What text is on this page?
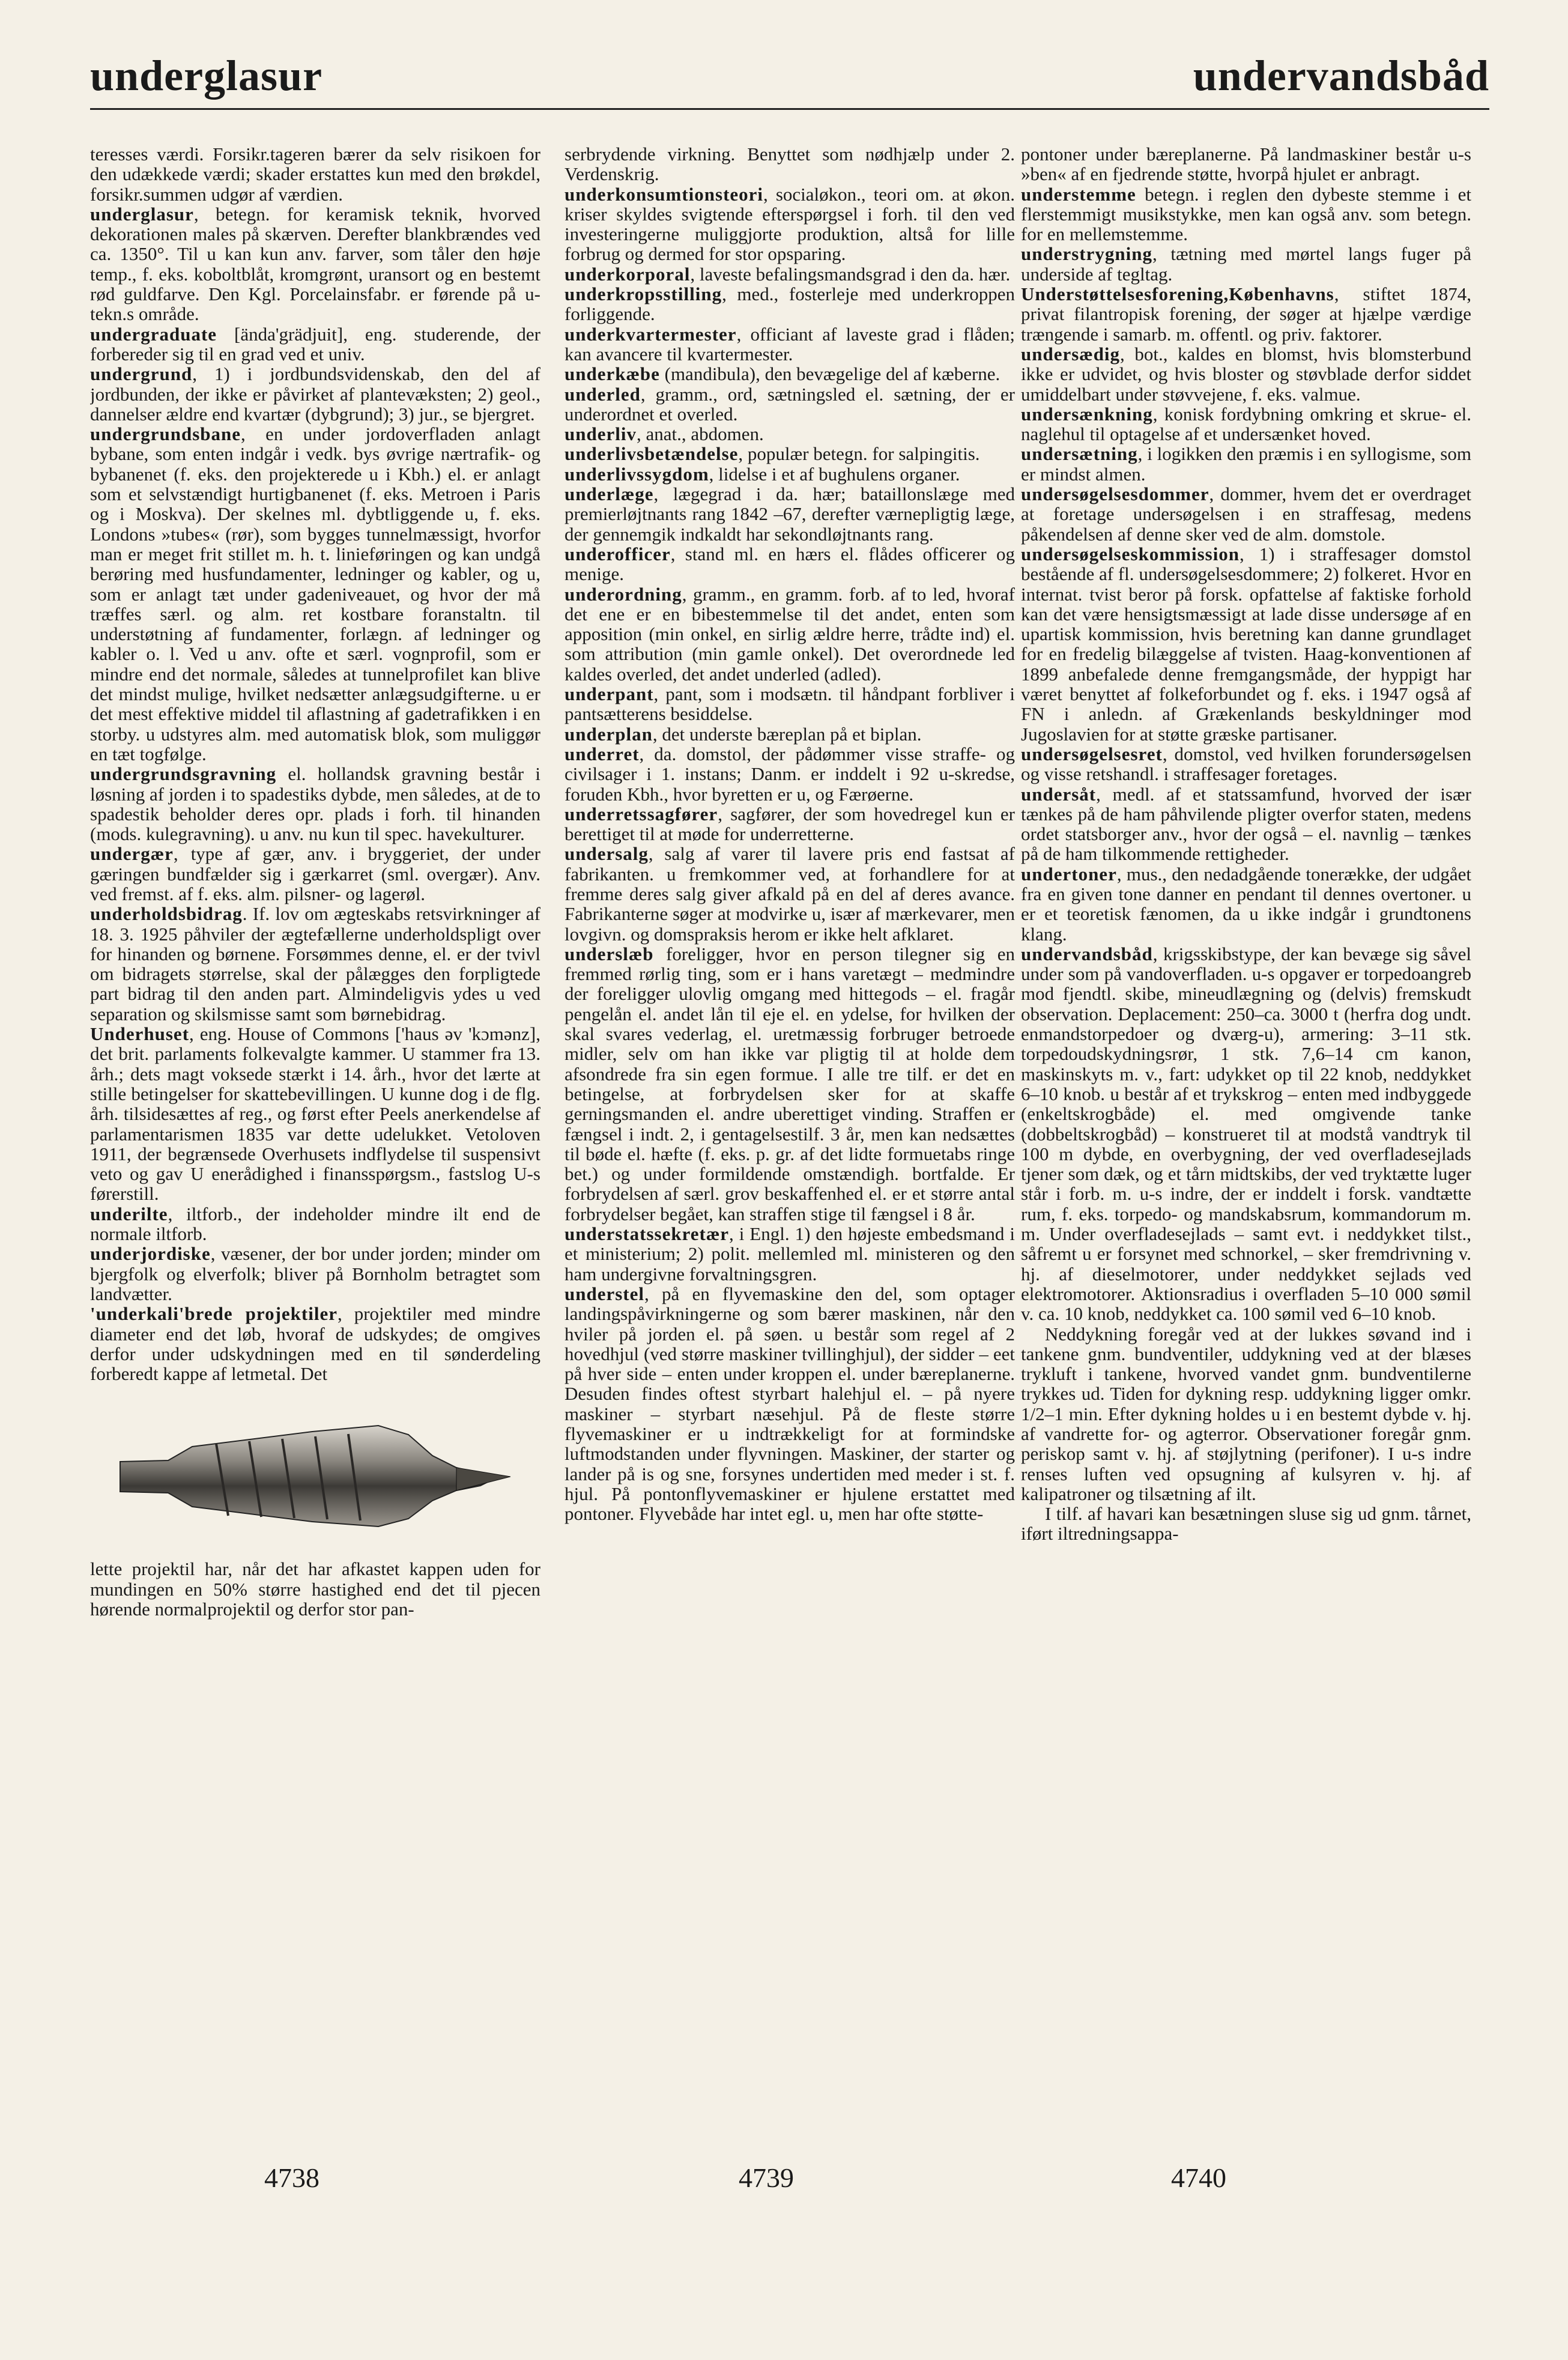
underglasur	undervandsbåd

teresses værdi. Forsikr.tageren bærer da selv risikoen for den udækkede værdi; skader erstattes kun med den brøkdel, forsikr.summen udgør af værdien.

underglasur, betegn. for keramisk teknik, hvorved dekorationen males på skærven. Derefter blankbrændes ved ca. 1350°. Til u kan kun anv. farver, som tåler den høje temp., f. eks. koboltblåt, kromgrønt, uransort og en bestemt rød guldfarve. Den Kgl. Porcelainsfabr. er førende på u-tekn.s område.

undergraduate [ända'grädjuit], eng. studerende, der forbereder sig til en grad ved et univ.

undergrund, 1) i jordbundsvidenskab, den del af jordbunden, der ikke er påvirket af plantevæksten; 2) geol., dannelser ældre end kvartær (dybgrund); 3) jur., se bjergret.

undergrundsbane, en under jordoverfladen anlagt bybane, som enten indgår i vedk. bys øvrige nærtrafik- og bybanenet (f. eks. den projekterede u i Kbh.) el. er anlagt som et selvstændigt hurtigbanenet (f. eks. Metroen i Paris og i Moskva). Der skelnes ml. dybtliggende u, f. eks. Londons »tubes« (rør), som bygges tunnelmæssigt, hvorfor man er meget frit stillet m. h. t. linieføringen og kan undgå berøring med husfundamenter, ledninger og kabler, og u, som er anlagt tæt under gadeniveauet, og hvor der må træffes særl. og alm. ret kostbare foranstaltn. til understøtning af fundamenter, forlægn. af ledninger og kabler o. l. Ved u anv. ofte et særl. vognprofil, som er mindre end det normale, således at tunnelprofilet kan blive det mindst mulige, hvilket nedsætter anlægsudgifterne. u er det mest effektive middel til aflastning af gadetrafikken i en storby. u udstyres alm. med automatisk blok, som muliggør en tæt togfølge.

undergrundsgravning el. hollandsk gravning består i løsning af jorden i to spadestiks dybde, men således, at de to spadestik beholder deres opr. plads i forh. til hinanden (mods. kulegravning). u anv. nu kun til spec. havekulturer.

undergær, type af gær, anv. i bryggeriet, der under gæringen bundfælder sig i gærkarret (sml. overgær). Anv. ved fremst. af f. eks. alm. pilsner- og lagerøl.

underholdsbidrag. If. lov om ægteskabs retsvirkninger af 18. 3. 1925 påhviler der ægtefællerne underholdspligt over for hinanden og børnene. Forsømmes denne, el. er der tvivl om bidragets størrelse, skal der pålægges den forpligtede part bidrag til den anden part. Almindeligvis ydes u ved separation og skilsmisse samt som børnebidrag.

Underhuset, eng. House of Commons ['haus əv 'kɔmənz], det brit. parlaments folkevalgte kammer. U stammer fra 13. årh.; dets magt voksede stærkt i 14. årh., hvor det lærte at stille betingelser for skattebevillingen. U kunne dog i de flg. årh. tilsidesættes af reg., og først efter Peels anerkendelse af parlamentarismen 1835 var dette udelukket. Vetoloven 1911, der begrænsede Overhusets indflydelse til suspensivt veto og gav U enerådighed i finansspørgsm., fastslog U-s førerstill.

underilte, iltforb., der indeholder mindre ilt end de normale iltforb.

underjordiske, væsener, der bor under jorden; minder om bjergfolk og elverfolk; bliver på Bornholm betragtet som landvætter.

'underkali'brede projektiler, projektiler med mindre diameter end det løb, hvoraf de udskydes; de omgives derfor under udskydningen med en til sønderdeling forberedt kappe af letmetal. Det

lette projektil har, når det har afkastet kappen uden for mundingen en 50% større hastighed end det til pjecen hørende normalprojektil og derfor stor pan-

serbrydende virkning. Benyttet som nødhjælp under 2. Verdenskrig.

underkonsumtionsteori, socialøkon., teori om. at økon. kriser skyldes svigtende efterspørgsel i forh. til den ved investeringerne muliggjorte produktion, altså for lille forbrug og dermed for stor opsparing.

underkorporal, laveste befalingsmandsgrad i den da. hær.

underkropsstilling, med., fosterleje med underkroppen forliggende.

underkvartermester, officiant af laveste grad i flåden; kan avancere til kvartermester.

underkæbe (mandibula), den bevægelige del af kæberne.

underled, gramm., ord, sætningsled el. sætning, der er underordnet et overled.

underliv, anat., abdomen.

underlivsbetændelse, populær betegn. for salpingitis.

underlivssygdom, lidelse i et af bughulens organer.

underlæge, lægegrad i da. hær; bataillonslæge med premierløjtnants rang 1842 –67, derefter værnepligtig læge, der gennemgik indkaldt har sekondløjtnants rang.

underofficer, stand ml. en hærs el. flådes officerer og menige.

underordning, gramm., en gramm. forb. af to led, hvoraf det ene er en bibestemmelse til det andet, enten som apposition (min onkel, en sirlig ældre herre, trådte ind) el. som attribution (min gamle onkel). Det overordnede led kaldes overled, det andet underled (adled).

underpant, pant, som i modsætn. til håndpant forbliver i pantsætterens besiddelse.

underplan, det underste bæreplan på et biplan.

underret, da. domstol, der pådømmer visse straffe- og civilsager i 1. instans; Danm. er inddelt i 92 u-skredse, foruden Kbh., hvor byretten er u, og Færøerne.

underretssagfører, sagfører, der som hovedregel kun er berettiget til at møde for underretterne.

undersalg, salg af varer til lavere pris end fastsat af fabrikanten. u fremkommer ved, at forhandlere for at fremme deres salg giver afkald på en del af deres avance. Fabrikanterne søger at modvirke u, især af mærkevarer, men lovgivn. og domspraksis herom er ikke helt afklaret.

underslæb foreligger, hvor en person tilegner sig en fremmed rørlig ting, som er i hans varetægt – medmindre der foreligger ulovlig omgang med hittegods – el. fragår pengelån el. andet lån til eje el. en ydelse, for hvilken der skal svares vederlag, el. uretmæssig forbruger betroede midler, selv om han ikke var pligtig til at holde dem afsondrede fra sin egen formue. I alle tre tilf. er det en betingelse, at forbrydelsen sker for at skaffe gerningsmanden el. andre uberettiget vinding. Straffen er fængsel i indt. 2, i gentagelsestilf. 3 år, men kan nedsættes til bøde el. hæfte (f. eks. p. gr. af det lidte formuetabs ringe bet.) og under formildende omstændigh. bortfalde. Er forbrydelsen af særl. grov beskaffenhed el. er et større antal forbrydelser begået, kan straffen stige til fængsel i 8 år.

understatssekretær, i Engl. 1) den højeste embedsmand i et ministerium; 2) polit. mellemled ml. ministeren og den ham undergivne forvaltningsgren.

understel, på en flyvemaskine den del, som optager landingspåvirkningerne og som bærer maskinen, når den hviler på jorden el. på søen. u består som regel af 2 hovedhjul (ved større maskiner tvillinghjul), der sidder – eet på hver side – enten under kroppen el. under bæreplanerne. Desuden findes oftest styrbart halehjul el. – på nyere maskiner – styrbart næsehjul. På de fleste større flyvemaskiner er u indtrækkeligt for at formindske luftmodstanden under flyvningen. Maskiner, der starter og lander på is og sne, forsynes undertiden med meder i st. f. hjul. På pontonflyvemaskiner er hjulene erstattet med pontoner. Flyvebåde har intet egl. u, men har ofte støtte-

pontoner under bæreplanerne. På landmaskiner består u-s »ben« af en fjedrende støtte, hvorpå hjulet er anbragt.

understemme betegn. i reglen den dybeste stemme i et flerstemmigt musikstykke, men kan også anv. som betegn. for en mellemstemme.

understrygning, tætning med mørtel langs fuger på underside af tegltag.

Understøttelsesforening,Københavns, stiftet 1874, privat filantropisk forening, der søger at hjælpe værdige trængende i samarb. m. offentl. og priv. faktorer.

undersædig, bot., kaldes en blomst, hvis blomsterbund ikke er udvidet, og hvis bloster og støvblade derfor siddet umiddelbart under støvvejene, f. eks. valmue.

undersænkning, konisk fordybning omkring et skrue- el. naglehul til optagelse af et undersænket hoved.

undersætning, i logikken den præmis i en syllogisme, som er mindst almen.

undersøgelsesdommer, dommer, hvem det er overdraget at foretage undersøgelsen i en straffesag, medens påkendelsen af denne sker ved de alm. domstole.

undersøgelseskommission, 1) i straffesager domstol bestående af fl. undersøgelsesdommere; 2) folkeret. Hvor en internat. tvist beror på forsk. opfattelse af faktiske forhold kan det være hensigtsmæssigt at lade disse undersøge af en upartisk kommission, hvis beretning kan danne grundlaget for en fredelig bilæggelse af tvisten. Haag-konventionen af 1899 anbefalede denne fremgangsmåde, der hyppigt har været benyttet af folkeforbundet og f. eks. i 1947 også af FN i anledn. af Grækenlands beskyldninger mod Jugoslavien for at støtte græske partisaner.

undersøgelsesret, domstol, ved hvilken forundersøgelsen og visse retshandl. i straffesager foretages.

undersåt, medl. af et statssamfund, hvorved der især tænkes på de ham påhvilende pligter overfor staten, medens ordet statsborger anv., hvor der også – el. navnlig – tænkes på de ham tilkommende rettigheder.

undertoner, mus., den nedadgående tonerække, der udgået fra en given tone danner en pendant til dennes overtoner. u er et teoretisk fænomen, da u ikke indgår i grundtonens klang.

undervandsbåd, krigsskibstype, der kan bevæge sig såvel under som på vandoverfladen. u-s opgaver er torpedoangreb mod fjendtl. skibe, mineudlægning og (delvis) fremskudt observation. Deplacement: 250–ca. 3000 t (herfra dog undt. enmandstorpedoer og dværg-u), armering: 3–11 stk. torpedoudskydningsrør, 1 stk. 7,6–14 cm kanon, maskinskyts m. v., fart: udykket op til 22 knob, neddykket 6–10 knob. u består af et trykskrog – enten med indbyggede (enkeltskrogbåde) el. med omgivende tanke (dobbeltskrogbåd) – konstrueret til at modstå vandtryk til 100 m dybde, en overbygning, der ved overfladesejlads tjener som dæk, og et tårn midtskibs, der ved tryktætte luger står i forb. m. u-s indre, der er inddelt i forsk. vandtætte rum, f. eks. torpedo- og mandskabsrum, kommandorum m. m. Under overfladesejlads – samt evt. i neddykket tilst., såfremt u er forsynet med schnorkel, – sker fremdrivning v. hj. af dieselmotorer, under neddykket sejlads ved elektromotorer. Aktionsradius i overfladen 5–10 000 sømil v. ca. 10 knob, neddykket ca. 100 sømil ved 6–10 knob.

Neddykning foregår ved at der lukkes søvand ind i tankene gnm. bundventiler, uddykning ved at der blæses trykluft i tankene, hvorved vandet gnm. bundventilerne trykkes ud. Tiden for dykning resp. uddykning ligger omkr. 1/2–1 min. Efter dykning holdes u i en bestemt dybde v. hj. af vandrette for- og agterror. Observationer foregår gnm. periskop samt v. hj. af støjlytning (perifoner). I u-s indre renses luften ved opsugning af kulsyren v. hj. af kalipatroner og tilsætning af ilt.

I tilf. af havari kan besætningen sluse sig ud gnm. tårnet, iført iltredningsappa-

4738	4739	4740
